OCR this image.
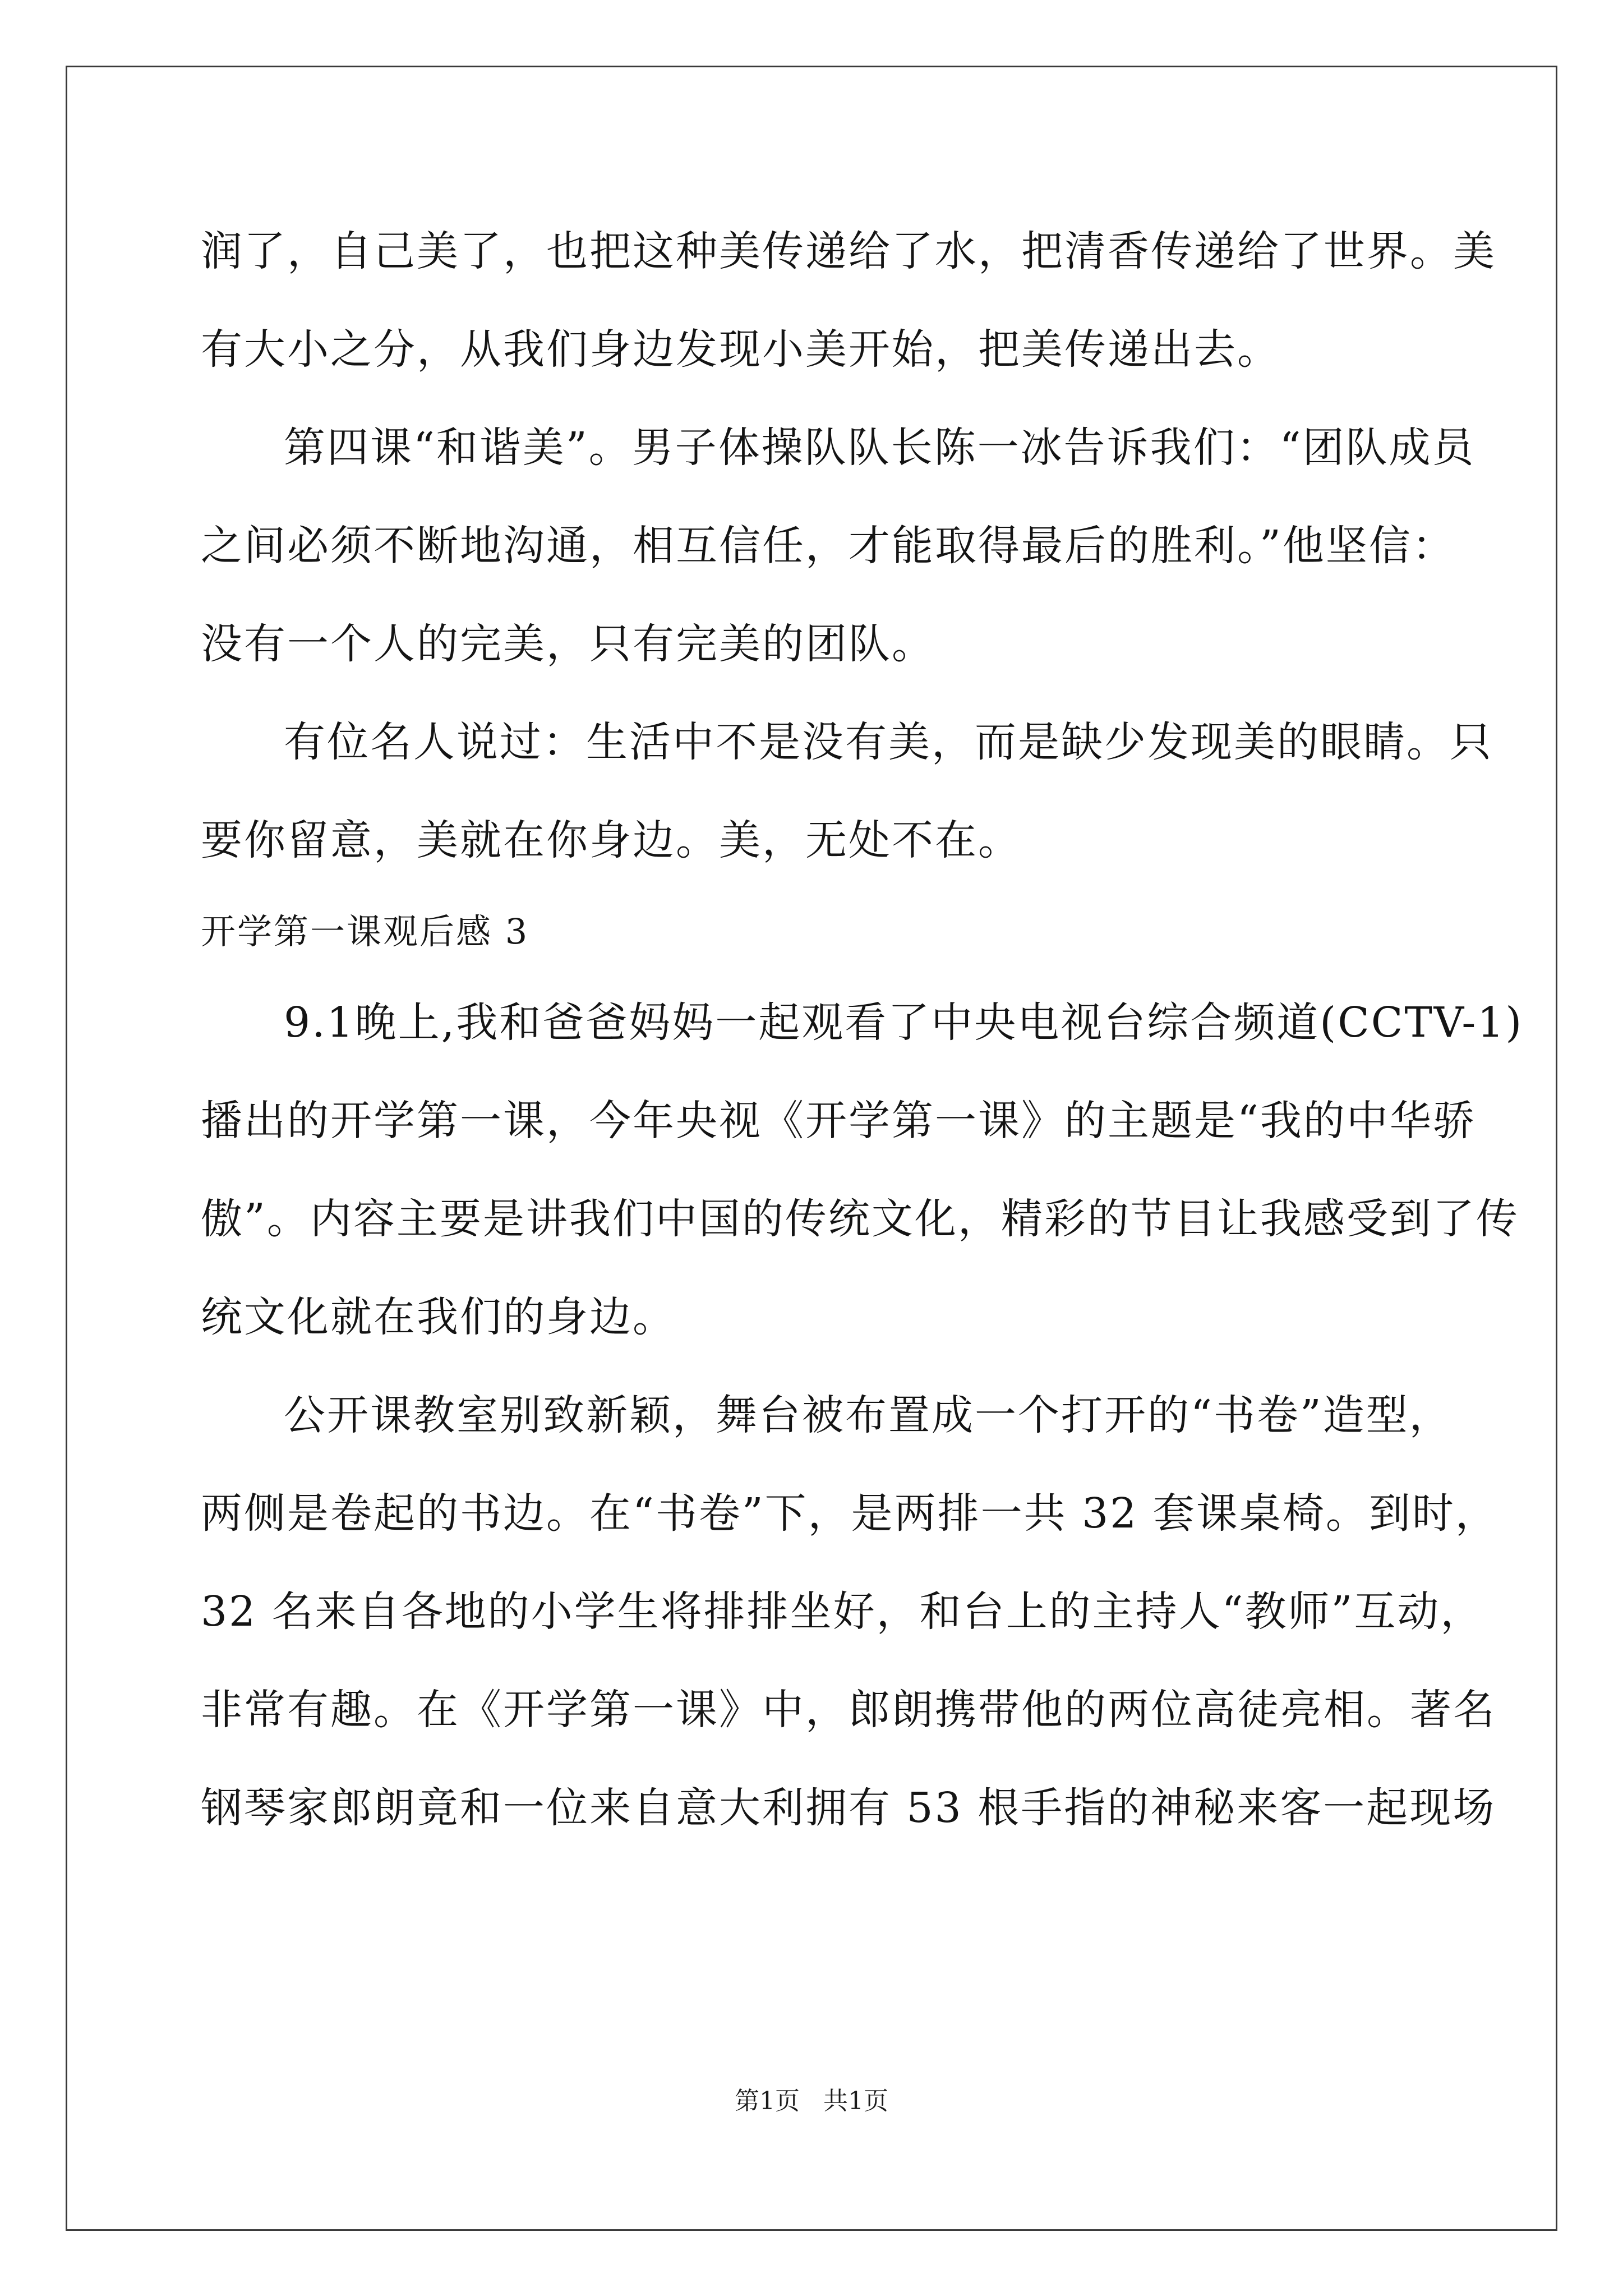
润了，自己美了，也把这种美传递给了水，把清香传递给了世界。美
有大小之分，从我们身边发现小美开始，把美传递出去。
第四课“和谐美”。男子体操队队长陈一冰告诉我们：“团队成员
之间必须不断地沟通，相互信任，才能取得最后的胜利。”他坚信：
没有一个人的完美，只有完美的团队。
有位名人说过：生活中不是没有美，而是缺少发现美的眼睛。只
要你留意，美就在你身边。美，无处不在。
开学第一课观后感 3
9.1晚上,我和爸爸妈妈一起观看了中央电视台综合频道(CCTV-1)
播出的开学第一课，今年央视《开学第一课》的主题是“我的中华骄
傲”。内容主要是讲我们中国的传统文化，精彩的节目让我感受到了传
统文化就在我们的身边。
公开课教室别致新颖，舞台被布置成一个打开的“书卷”造型，
两侧是卷起的书边。在“书卷”下，是两排一共 32 套课桌椅。到时，
32 名来自各地的小学生将排排坐好，和台上的主持人“教师”互动，
非常有趣。在《开学第一课》中，郎朗携带他的两位高徒亮相。著名
钢琴家郎朗竟和一位来自意大利拥有 53 根手指的神秘来客一起现场
第1页   共1页
